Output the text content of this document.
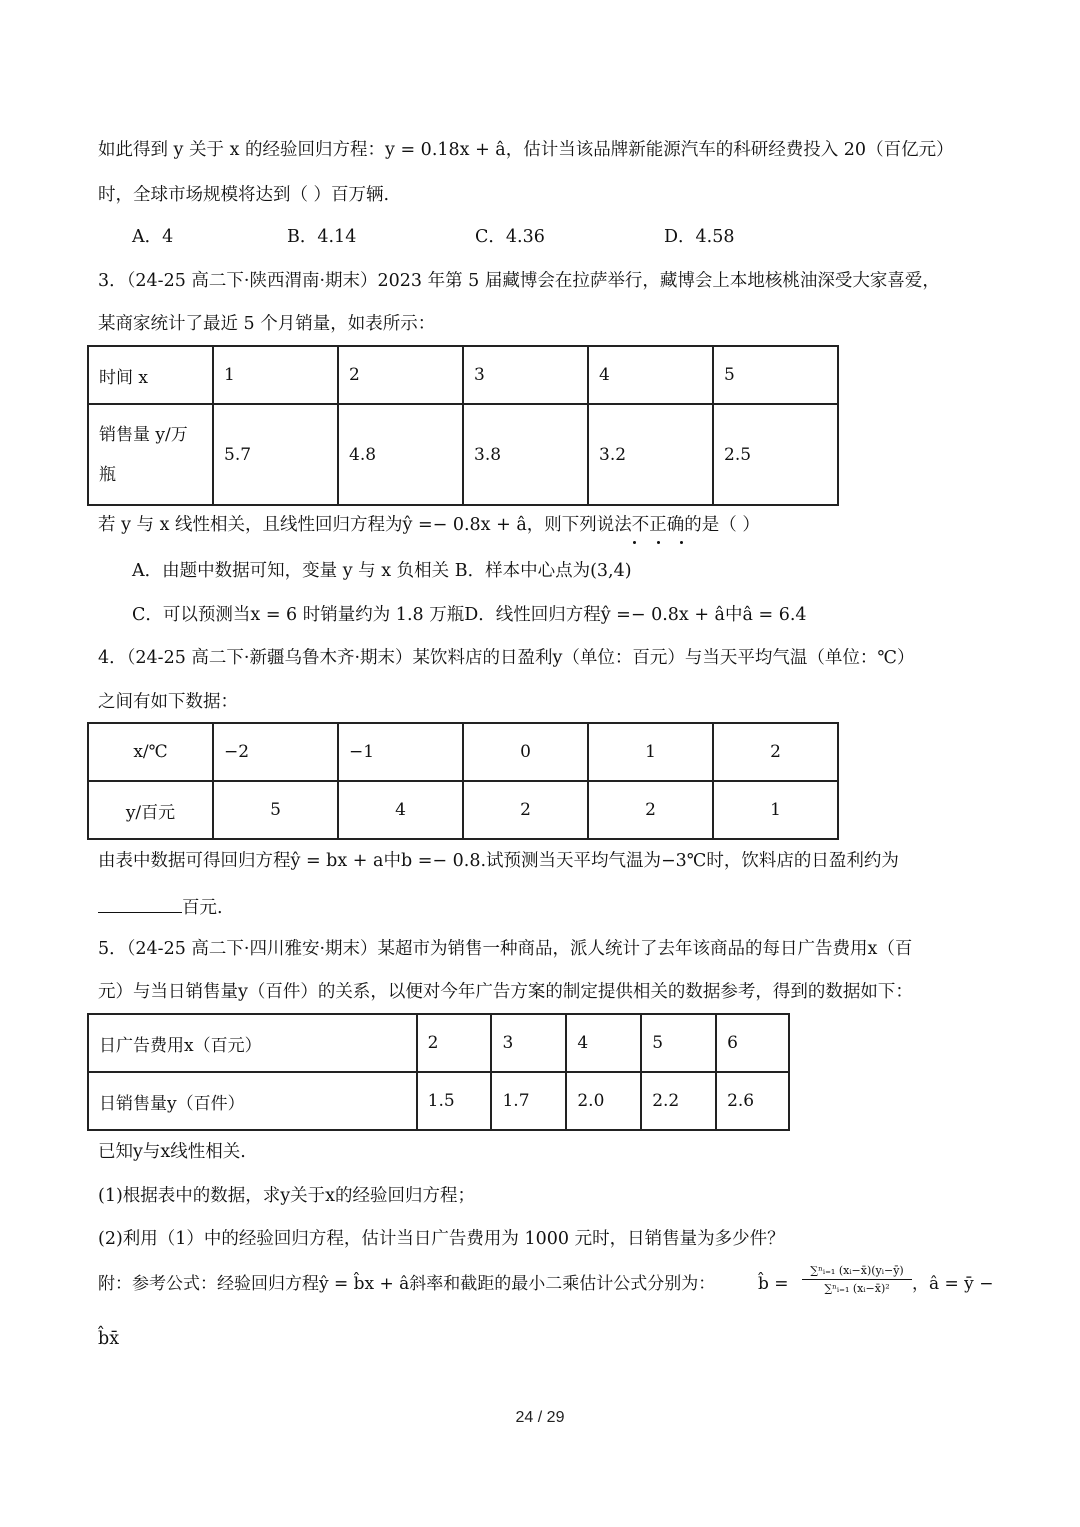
如此得到 y 关于 x 的经验回归方程：y = 0.18x + â，估计当该品牌新能源汽车的科研经费投入 20（百亿元）
时，全球市场规模将达到（ ）百万辆.
A．4	B．4.14	C．4.36	D．4.58
3．（24-25 高二下·陕西渭南·期末）2023 年第 5 届藏博会在拉萨举行，藏博会上本地核桃油深受大家喜爱，
某商家统计了最近 5 个月销量，如表所示：
时间 x	1	2	3	4	5

销售量 y/万
瓶	5.7	4.8	3.8	3.2	2.5
若 y 与 x 线性相关，且线性回归方程为ŷ =− 0.8x + â，则下列说法不正确的是（ ）
A．由题中数据可知，变量 y 与 x 负相关 B．样本中心点为(3,4)
C．可以预测当x = 6 时销量约为 1.8 万瓶D．线性回归方程ŷ =− 0.8x + â中â = 6.4
4．（24-25 高二下·新疆乌鲁木齐·期末）某饮料店的日盈利y（单位：百元）与当天平均气温（单位：℃）
之间有如下数据：
x/℃	−2	−1	0	1	2
y/百元	5	4	2	2	1
由表中数据可得回归方程ŷ = bx + a中b =− 0.8.试预测当天平均气温为−3℃时，饮料店的日盈利约为
百元.
5．（24-25 高二下·四川雅安·期末）某超市为销售一种商品，派人统计了去年该商品的每日广告费用x（百
元）与当日销售量y（百件）的关系，以便对今年广告方案的制定提供相关的数据参考，得到的数据如下：
日广告费用x（百元）	2	3	4	5	6
日销售量y（百件）	1.5	1.7	2.0	2.2	2.6
已知y与x线性相关.
(1)根据表中的数据，求y关于x的经验回归方程；
(2)利用（1）中的经验回归方程，估计当日广告费用为 1000 元时，日销售量为多少件？
附：参考公式：经验回归方程ŷ = b̂x + â斜率和截距的最小二乘估计公式分别为：	b̂ = $\frac{\text{∑ⁿᵢ₌₁ (xᵢ−x̄)(yᵢ−ȳ)}}{\text{∑ⁿᵢ₌₁ (xᵢ−x̄)²}}$ ，â = ȳ −
b̂x̄
24 / 29
